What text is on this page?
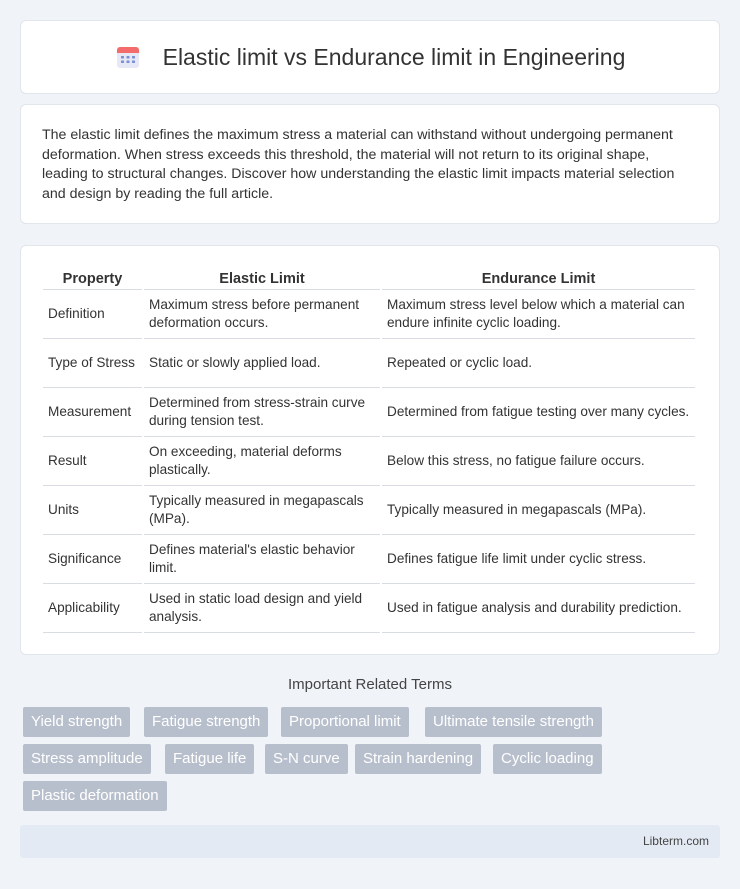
Elastic limit vs Endurance limit in Engineering

The elastic limit defines the maximum stress a material can withstand without undergoing permanent deformation. When stress exceeds this threshold, the material will not return to its original shape, leading to structural changes. Discover how understanding the elastic limit impacts material selection and design by reading the full article.

Property	Elastic Limit	Endurance Limit
Definition	Maximum stress before permanent deformation occurs.	Maximum stress level below which a material can endure infinite cyclic loading.
Type of Stress	Static or slowly applied load.	Repeated or cyclic load.
Measurement	Determined from stress-strain curve during tension test.	Determined from fatigue testing over many cycles.
Result	On exceeding, material deforms plastically.	Below this stress, no fatigue failure occurs.
Units	Typically measured in megapascals (MPa).	Typically measured in megapascals (MPa).
Significance	Defines material's elastic behavior limit.	Defines fatigue life limit under cyclic stress.
Applicability	Used in static load design and yield analysis.	Used in fatigue analysis and durability prediction.
Important Related Terms
Yield strength	Fatigue strength	Proportional limit	Ultimate tensile strength
Stress amplitude	Fatigue life	S-N curve	Strain hardening	Cyclic loading
Plastic deformation
Libterm.com
